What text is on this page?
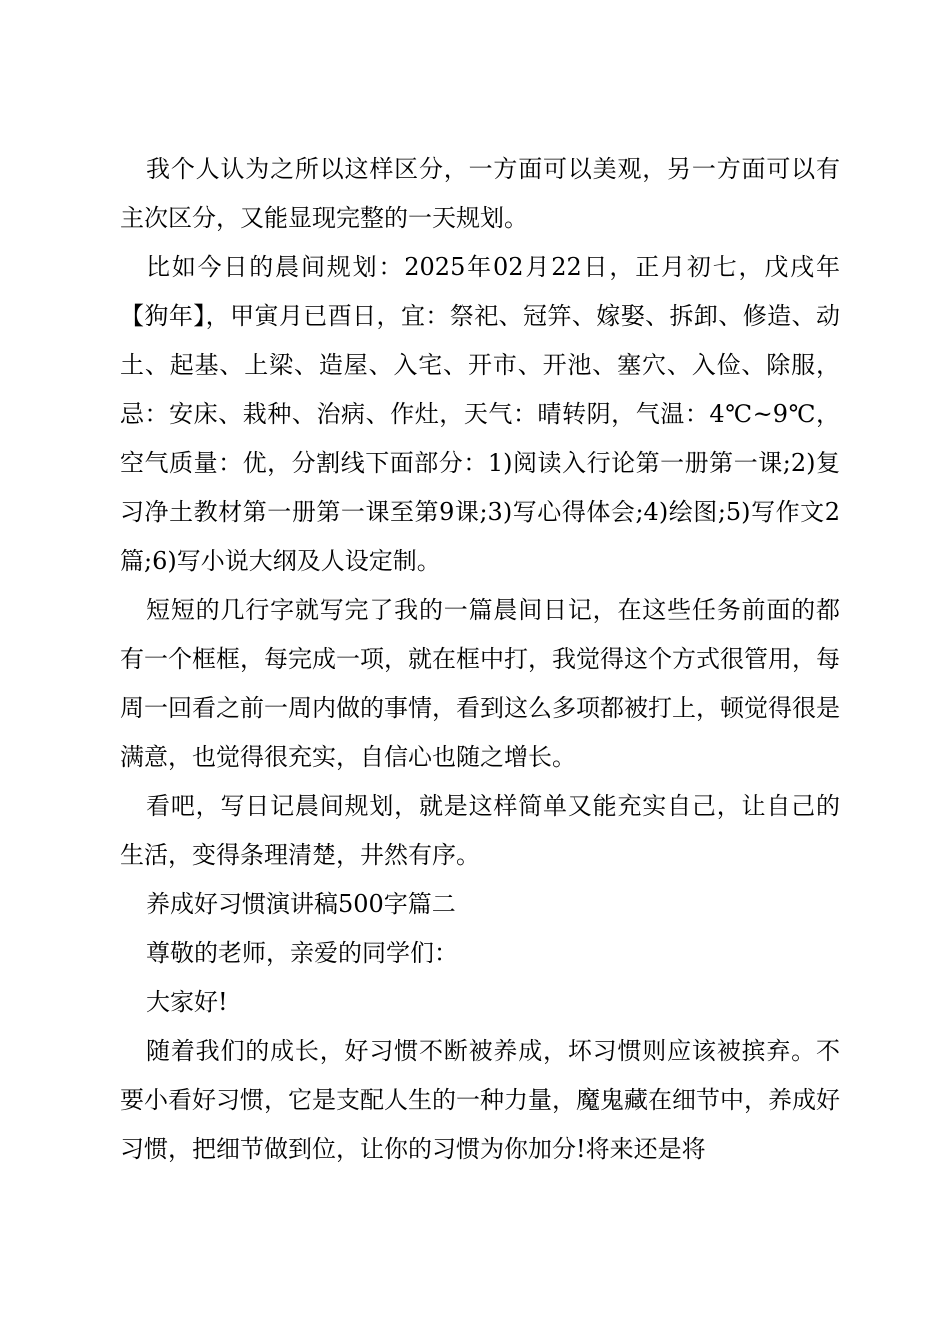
我个人认为之所以这样区分，一方面可以美观，另一方面可以有主次区分，又能显现完整的一天规划。

比如今日的晨间规划：2025年02月22日，正月初七，戊戌年【狗年】，甲寅月已酉日，宜：祭祀、冠笄、嫁娶、拆卸、修造、动土、起基、上梁、造屋、入宅、开市、开池、塞穴、入俭、除服，忌：安床、栽种、治病、作灶，天气：晴转阴，气温：4℃~9℃，空气质量：优，分割线下面部分：1)阅读入行论第一册第一课;2)复习净土教材第一册第一课至第9课;3)写心得体会;4)绘图;5)写作文2篇;6)写小说大纲及人设定制。

短短的几行字就写完了我的一篇晨间日记，在这些任务前面的都有一个框框，每完成一项，就在框中打，我觉得这个方式很管用，每周一回看之前一周内做的事情，看到这么多项都被打上，顿觉得很是满意，也觉得很充实，自信心也随之增长。

看吧，写日记晨间规划，就是这样简单又能充实自己，让自己的生活，变得条理清楚，井然有序。

养成好习惯演讲稿500字篇二

尊敬的老师，亲爱的同学们：

大家好!

随着我们的成长，好习惯不断被养成，坏习惯则应该被摈弃。不要小看好习惯，它是支配人生的一种力量，魔鬼藏在细节中，养成好习惯，把细节做到位，让你的习惯为你加分!将来还是将
